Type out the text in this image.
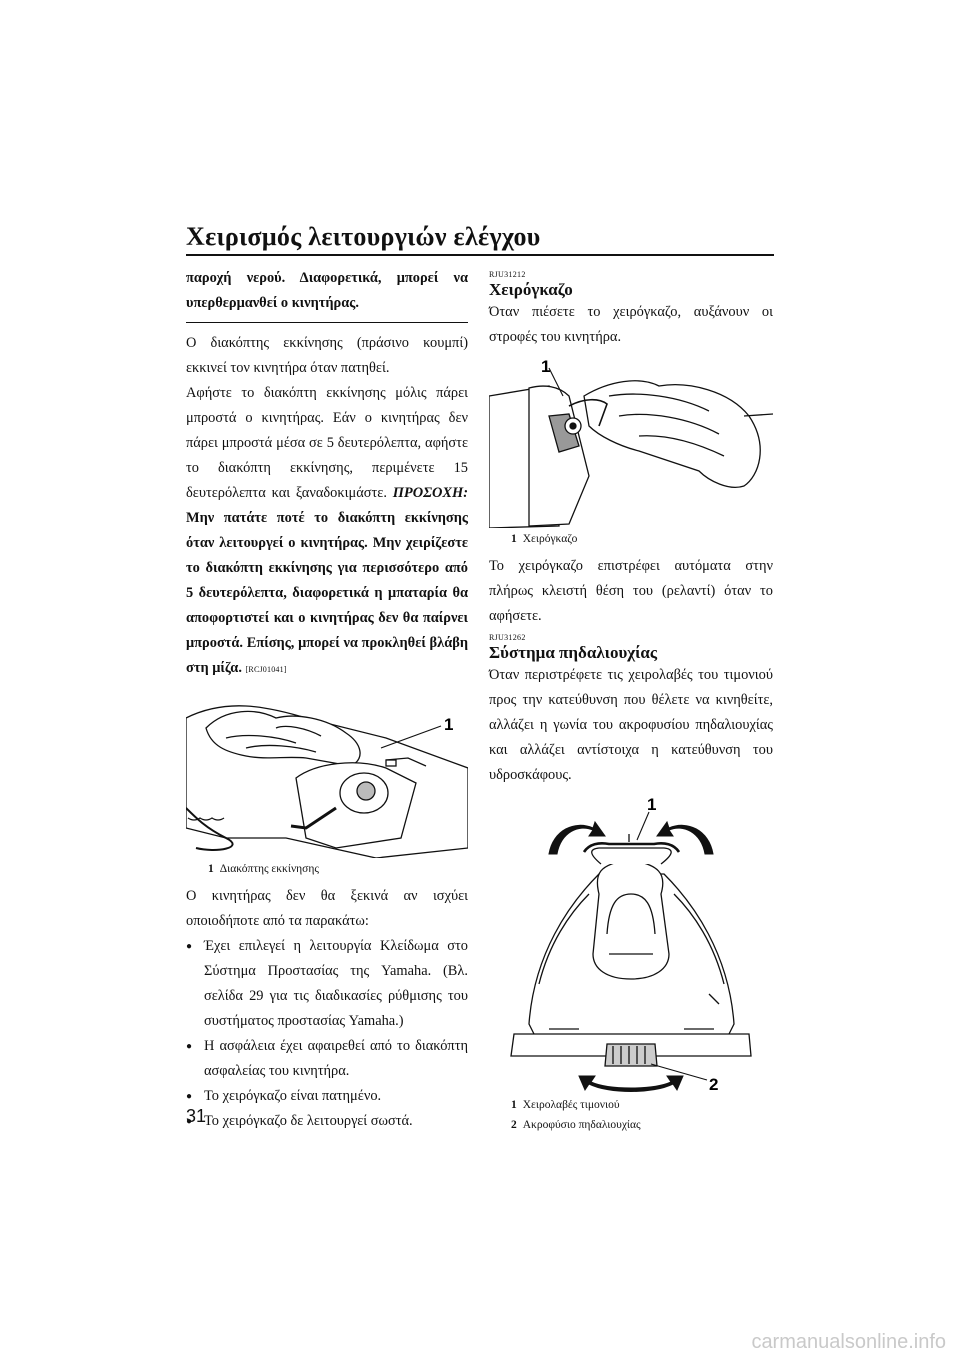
Χειρισμός λειτουργιών ελέγχου

παροχή νερού. Διαφορετικά, μπορεί να υπερθερμανθεί ο κινητήρας.

Ο διακόπτης εκκίνησης (πράσινο κουμπί) εκκινεί τον κινητήρα όταν πατηθεί.

Αφήστε το διακόπτη εκκίνησης μόλις πάρει μπροστά ο κινητήρας. Εάν ο κινητήρας δεν πάρει μπροστά μέσα σε 5 δευτερόλεπτα, αφήστε το διακόπτη εκκίνησης, περιμένετε 15 δευτερόλεπτα και ξαναδοκιμάστε. ΠΡΟΣΟΧΗ: Μην πατάτε ποτέ το διακόπτη εκκίνησης όταν λειτουργεί ο κινητήρας. Μην χειρίζεστε το διακόπτη εκκίνησης για περισσότερο από 5 δευτερόλεπτα, διαφορετικά η μπαταρία θα αποφορτιστεί και ο κινητήρας δεν θα παίρνει μπροστά. Επίσης, μπορεί να προκληθεί βλάβη στη μίζα. [RCJ01041]

1
1 Διακόπτης εκκίνησης

Ο κινητήρας δεν θα ξεκινά αν ισχύει οποιοδήποτε από τα παρακάτω:

● Έχει επιλεγεί η λειτουργία Κλείδωμα στο Σύστημα Προστασίας της Yamaha. (Βλ. σελίδα 29 για τις διαδικασίες ρύθμισης του συστήματος προστασίας Yamaha.)
● Η ασφάλεια έχει αφαιρεθεί από το διακόπτη ασφαλείας του κινητήρα.
● Το χειρόγκαζο είναι πατημένο.
● Το χειρόγκαζο δε λειτουργεί σωστά.

RJU31212

Χειρόγκαζο

Όταν πιέσετε το χειρόγκαζο, αυξάνουν οι στροφές του κινητήρα.

1
1 Χειρόγκαζο

Το χειρόγκαζο επιστρέφει αυτόματα στην πλήρως κλειστή θέση του (ρελαντί) όταν το αφήσετε.

RJU31262

Σύστημα πηδαλιουχίας

Όταν περιστρέφετε τις χειρολαβές του τιμονιού προς την κατεύθυνση που θέλετε να κινηθείτε, αλλάζει η γωνία του ακροφυσίου πηδαλιουχίας και αλλάζει αντίστοιχα η κατεύθυνση του υδροσκάφους.

1
2
1 Χειρολαβές τιμονιού
2 Ακροφύσιο πηδαλιουχίας
31
carmanualsonline.info
